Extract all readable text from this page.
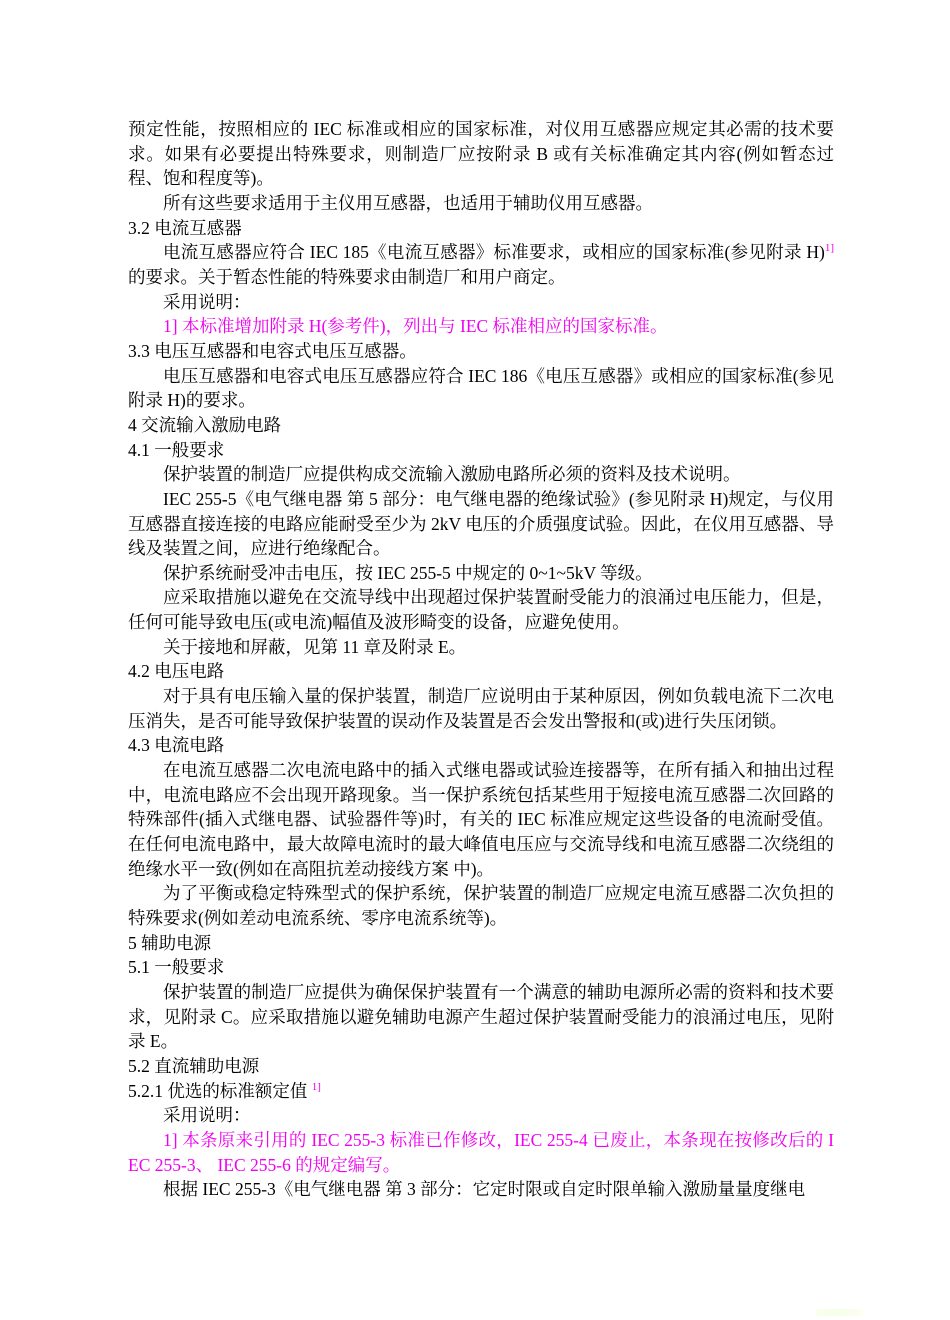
预定性能，按照相应的 IEC 标准或相应的国家标准，对仪用互感器应规定其必需的技术要求。如果有必要提出特殊要求，则制造厂应按附录 B 或有关标准确定其内容(例如暂态过程、饱和程度等)。

所有这些要求适用于主仪用互感器，也适用于辅助仪用互感器。

3.2 电流互感器

电流互感器应符合 IEC 185《电流互感器》标准要求，或相应的国家标准(参见附录 H)$^{1]}$的要求。关于暂态性能的特殊要求由制造厂和用户商定。

采用说明：

1] 本标准增加附录 H(参考件)，列出与 IEC 标准相应的国家标准。

3.3 电压互感器和电容式电压互感器。

电压互感器和电容式电压互感器应符合 IEC 186《电压互感器》或相应的国家标准(参见附录 H)的要求。

4 交流输入激励电路

4.1 一般要求

保护装置的制造厂应提供构成交流输入激励电路所必须的资料及技术说明。

IEC 255-5《电气继电器 第 5 部分：电气继电器的绝缘试验》(参见附录 H)规定，与仪用互感器直接连接的电路应能耐受至少为 2kV 电压的介质强度试验。因此，在仪用互感器、导线及装置之间，应进行绝缘配合。

保护系统耐受冲击电压，按 IEC 255-5 中规定的 0~1~5kV 等级。

应采取措施以避免在交流导线中出现超过保护装置耐受能力的浪涌过电压能力，但是，任何可能导致电压(或电流)幅值及波形畸变的设备，应避免使用。

关于接地和屏蔽，见第 11 章及附录 E。

4.2 电压电路

对于具有电压输入量的保护装置，制造厂应说明由于某种原因，例如负载电流下二次电压消失，是否可能导致保护装置的误动作及装置是否会发出警报和(或)进行失压闭锁。

4.3 电流电路

在电流互感器二次电流电路中的插入式继电器或试验连接器等，在所有插入和抽出过程中，电流电路应不会出现开路现象。当一保护系统包括某些用于短接电流互感器二次回路的特殊部件(插入式继电器、试验器件等)时，有关的 IEC 标准应规定这些设备的电流耐受值。在任何电流电路中，最大故障电流时的最大峰值电压应与交流导线和电流互感器二次绕组的绝缘水平一致(例如在高阻抗差动接线方案 中)。

为了平衡或稳定特殊型式的保护系统，保护装置的制造厂应规定电流互感器二次负担的特殊要求(例如差动电流系统、零序电流系统等)。

5 辅助电源

5.1 一般要求

保护装置的制造厂应提供为确保保护装置有一个满意的辅助电源所必需的资料和技术要求，见附录 C。应采取措施以避免辅助电源产生超过保护装置耐受能力的浪涌过电压，见附录 E。

5.2 直流辅助电源

5.2.1 优选的标准额定值 $^{1]}$

采用说明：

1] 本条原来引用的 IEC 255-3 标准已作修改，IEC 255-4 已废止，本条现在按修改后的 IEC 255-3、 IEC 255-6 的规定编写。

根据 IEC 255-3《电气继电器 第 3 部分：它定时限或自定时限单输入激励量量度继电
